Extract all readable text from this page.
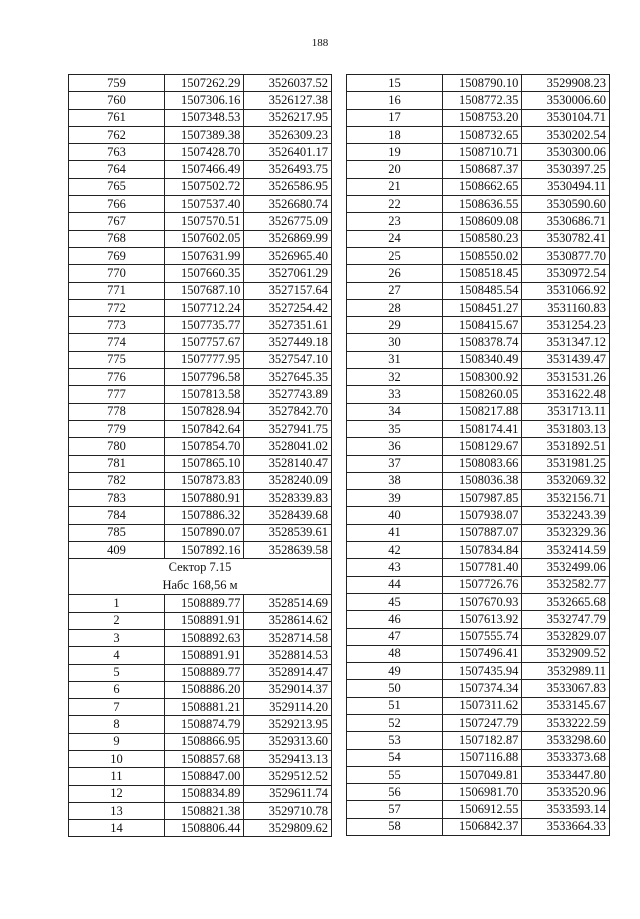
188
759	1507262.29	3526037.52
760	1507306.16	3526127.38
761	1507348.53	3526217.95
762	1507389.38	3526309.23
763	1507428.70	3526401.17
764	1507466.49	3526493.75
765	1507502.72	3526586.95
766	1507537.40	3526680.74
767	1507570.51	3526775.09
768	1507602.05	3526869.99
769	1507631.99	3526965.40
770	1507660.35	3527061.29
771	1507687.10	3527157.64
772	1507712.24	3527254.42
773	1507735.77	3527351.61
774	1507757.67	3527449.18
775	1507777.95	3527547.10
776	1507796.58	3527645.35
777	1507813.58	3527743.89
778	1507828.94	3527842.70
779	1507842.64	3527941.75
780	1507854.70	3528041.02
781	1507865.10	3528140.47
782	1507873.83	3528240.09
783	1507880.91	3528339.83
784	1507886.32	3528439.68
785	1507890.07	3528539.61
409	1507892.16	3528639.58

Сектор 7.15
Набс 168,56 м		

1	1508889.77	3528514.69
2	1508891.91	3528614.62
3	1508892.63	3528714.58
4	1508891.91	3528814.53
5	1508889.77	3528914.47
6	1508886.20	3529014.37
7	1508881.21	3529114.20
8	1508874.79	3529213.95
9	1508866.95	3529313.60
10	1508857.68	3529413.13
11	1508847.00	3529512.52
12	1508834.89	3529611.74
13	1508821.38	3529710.78
14	1508806.44	3529809.62
15	1508790.10	3529908.23
16	1508772.35	3530006.60
17	1508753.20	3530104.71
18	1508732.65	3530202.54
19	1508710.71	3530300.06
20	1508687.37	3530397.25
21	1508662.65	3530494.11
22	1508636.55	3530590.60
23	1508609.08	3530686.71
24	1508580.23	3530782.41
25	1508550.02	3530877.70
26	1508518.45	3530972.54
27	1508485.54	3531066.92
28	1508451.27	3531160.83
29	1508415.67	3531254.23
30	1508378.74	3531347.12
31	1508340.49	3531439.47
32	1508300.92	3531531.26
33	1508260.05	3531622.48
34	1508217.88	3531713.11
35	1508174.41	3531803.13
36	1508129.67	3531892.51
37	1508083.66	3531981.25
38	1508036.38	3532069.32
39	1507987.85	3532156.71
40	1507938.07	3532243.39
41	1507887.07	3532329.36
42	1507834.84	3532414.59
43	1507781.40	3532499.06
44	1507726.76	3532582.77
45	1507670.93	3532665.68
46	1507613.92	3532747.79
47	1507555.74	3532829.07
48	1507496.41	3532909.52
49	1507435.94	3532989.11
50	1507374.34	3533067.83
51	1507311.62	3533145.67
52	1507247.79	3533222.59
53	1507182.87	3533298.60
54	1507116.88	3533373.68
55	1507049.81	3533447.80
56	1506981.70	3533520.96
57	1506912.55	3533593.14
58	1506842.37	3533664.33
